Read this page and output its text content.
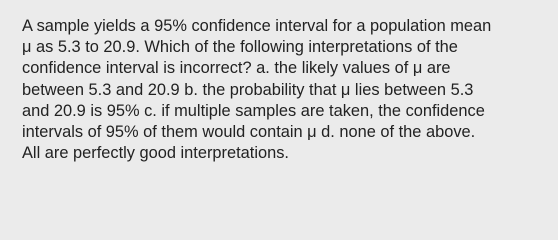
A sample yields a 95% confidence interval for a population mean
μ as 5.3 to 20.9. Which of the following interpretations of the
confidence interval is incorrect? a. the likely values of μ are
between 5.3 and 20.9 b. the probability that μ lies between 5.3
and 20.9 is 95% c. if multiple samples are taken, the confidence
intervals of 95% of them would contain μ d. none of the above.
All are perfectly good interpretations.
